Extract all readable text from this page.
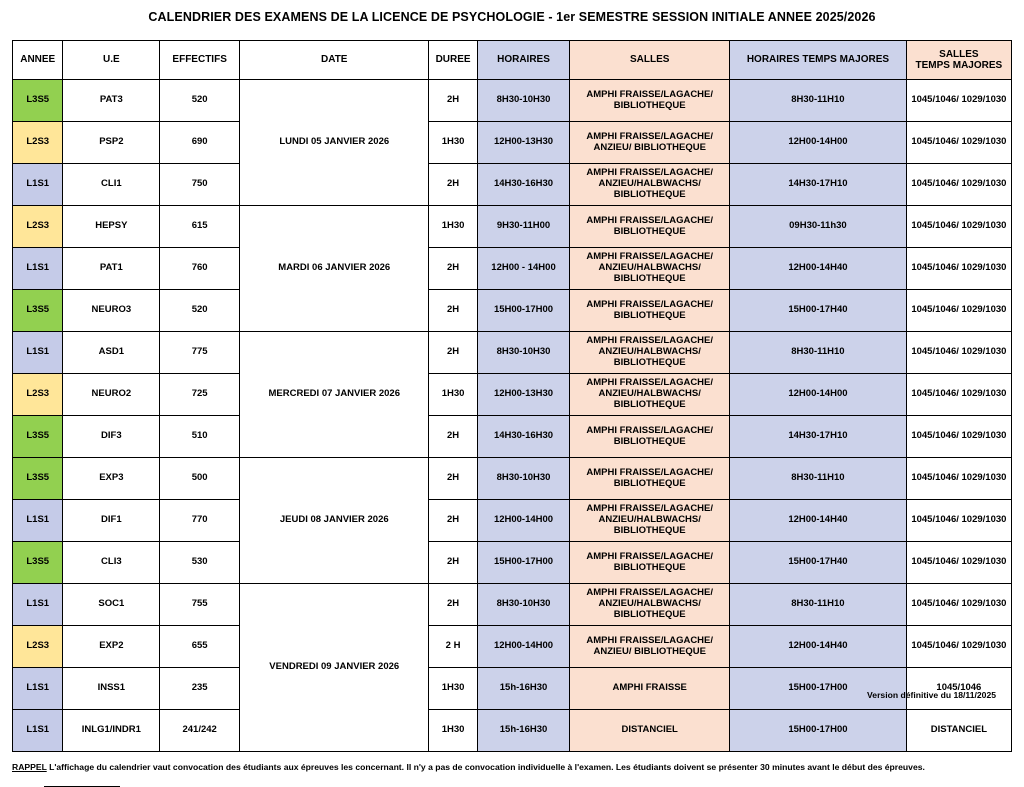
CALENDRIER DES EXAMENS DE LA LICENCE DE PSYCHOLOGIE - 1er SEMESTRE SESSION INITIALE ANNEE 2025/2026
ANNEE	U.E	EFFECTIFS	DATE	DUREE	HORAIRES	SALLES	HORAIRES TEMPS MAJORES	SALLES
TEMPS MAJORES
L3S5	PAT3	520	LUNDI 05 JANVIER 2026	2H	8H30-10H30	AMPHI FRAISSE/LAGACHE/ BIBLIOTHEQUE	8H30-11H10	1045/1046/ 1029/1030
L2S3	PSP2	690		1H30	12H00-13H30	AMPHI FRAISSE/LAGACHE/ ANZIEU/ BIBLIOTHEQUE	12H00-14H00	1045/1046/ 1029/1030
L1S1	CLI1	750		2H	14H30-16H30	AMPHI FRAISSE/LAGACHE/ ANZIEU/HALBWACHS/ BIBLIOTHEQUE	14H30-17H10	1045/1046/ 1029/1030
L2S3	HEPSY	615	MARDI 06 JANVIER 2026	1H30	9H30-11H00	AMPHI FRAISSE/LAGACHE/ BIBLIOTHEQUE	09H30-11h30	1045/1046/ 1029/1030
L1S1	PAT1	760		2H	12H00 - 14H00	AMPHI FRAISSE/LAGACHE/ ANZIEU/HALBWACHS/ BIBLIOTHEQUE	12H00-14H40	1045/1046/ 1029/1030
L3S5	NEURO3	520		2H	15H00-17H00	AMPHI FRAISSE/LAGACHE/ BIBLIOTHEQUE	15H00-17H40	1045/1046/ 1029/1030
L1S1	ASD1	775	MERCREDI 07 JANVIER 2026	2H	8H30-10H30	AMPHI FRAISSE/LAGACHE/ ANZIEU/HALBWACHS/ BIBLIOTHEQUE	8H30-11H10	1045/1046/ 1029/1030
L2S3	NEURO2	725		1H30	12H00-13H30	AMPHI FRAISSE/LAGACHE/ ANZIEU/HALBWACHS/ BIBLIOTHEQUE	12H00-14H00	1045/1046/ 1029/1030
L3S5	DIF3	510		2H	14H30-16H30	AMPHI FRAISSE/LAGACHE/ BIBLIOTHEQUE	14H30-17H10	1045/1046/ 1029/1030
L3S5	EXP3	500	JEUDI 08 JANVIER 2026	2H	8H30-10H30	AMPHI FRAISSE/LAGACHE/ BIBLIOTHEQUE	8H30-11H10	1045/1046/ 1029/1030
L1S1	DIF1	770		2H	12H00-14H00	AMPHI FRAISSE/LAGACHE/ ANZIEU/HALBWACHS/ BIBLIOTHEQUE	12H00-14H40	1045/1046/ 1029/1030
L3S5	CLI3	530		2H	15H00-17H00	AMPHI FRAISSE/LAGACHE/ BIBLIOTHEQUE	15H00-17H40	1045/1046/ 1029/1030
L1S1	SOC1	755	VENDREDI 09 JANVIER 2026	2H	8H30-10H30	AMPHI FRAISSE/LAGACHE/ ANZIEU/HALBWACHS/ BIBLIOTHEQUE	8H30-11H10	1045/1046/ 1029/1030
L2S3	EXP2	655		2 H	12H00-14H00	AMPHI FRAISSE/LAGACHE/ ANZIEU/ BIBLIOTHEQUE	12H00-14H40	1045/1046/ 1029/1030
L1S1	INSS1	235		1H30	15h-16H30	AMPHI FRAISSE	15H00-17H00	1045/1046
L1S1	INLG1/INDR1	241/242		1H30	15h-16H30	DISTANCIEL	15H00-17H00	DISTANCIEL
RAPPEL L'affichage du calendrier vaut convocation des étudiants aux épreuves les concernant. Il n'y a pas de convocation individuelle à l'examen. Les étudiants doivent se présenter 30 minutes avant le début des épreuves.
Version définitive du 18/11/2025
